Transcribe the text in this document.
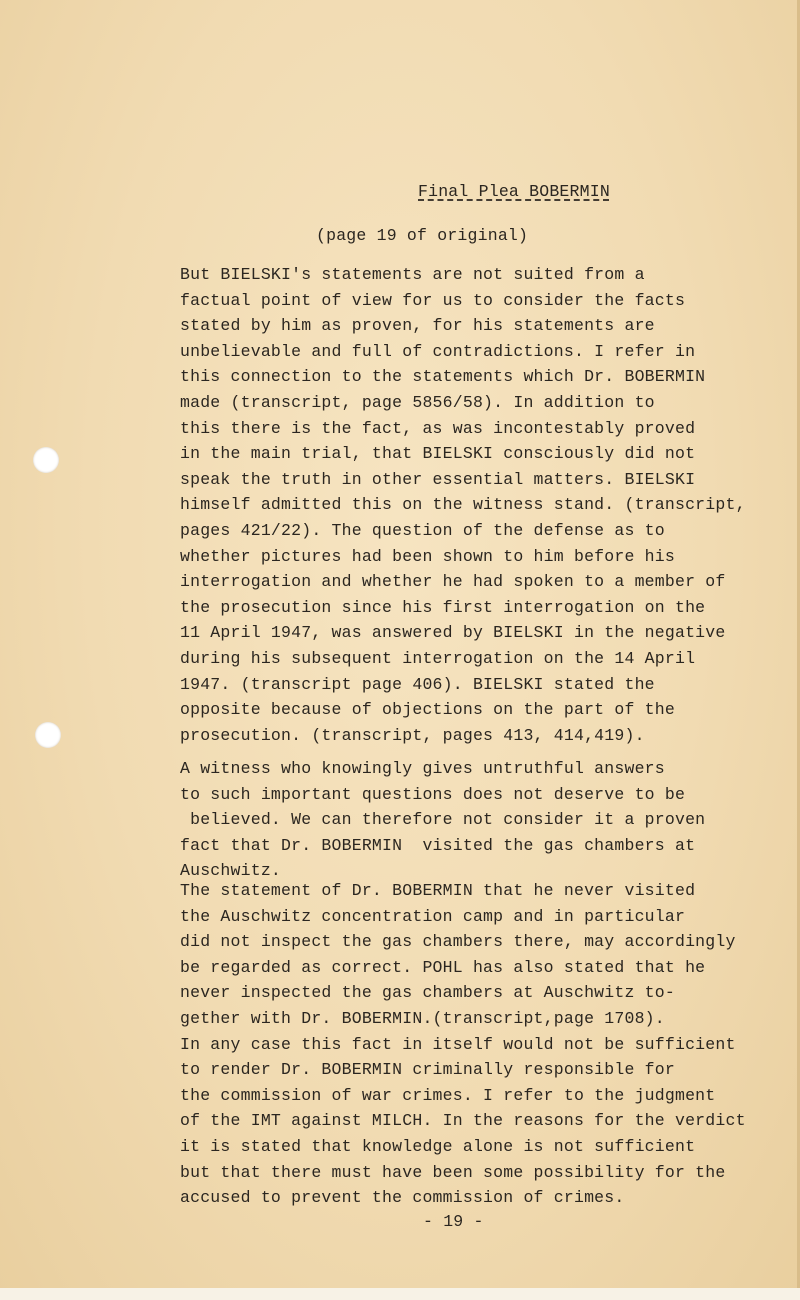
Final Plea BOBERMIN
(page 19 of original)
But BIELSKI's statements are not suited from a
factual point of view for us to consider the facts
stated by him as proven, for his statements are
unbelievable and full of contradictions. I refer in
this connection to the statements which Dr. BOBERMIN
made (transcript, page 5856/58). In addition to
this there is the fact, as was incontestably proved
in the main trial, that BIELSKI consciously did not
speak the truth in other essential matters. BIELSKI
himself admitted this on the witness stand. (transcript,
pages 421/22). The question of the defense as to
whether pictures had been shown to him before his
interrogation and whether he had spoken to a member of
the prosecution since his first interrogation on the
11 April 1947, was answered by BIELSKI in the negative
during his subsequent interrogation on the 14 April
1947. (transcript page 406). BIELSKI stated the
opposite because of objections on the part of the
prosecution. (transcript, pages 413, 414,419).
A witness who knowingly gives untruthful answers
to such important questions does not deserve to be
believed. We can therefore not consider it a proven
fact that Dr. BOBERMIN  visited the gas chambers at
Auschwitz.
The statement of Dr. BOBERMIN that he never visited
the Auschwitz concentration camp and in particular
did not inspect the gas chambers there, may accordingly
be regarded as correct. POHL has also stated that he
never inspected the gas chambers at Auschwitz to-
gether with Dr. BOBERMIN.(transcript,page 1708).
In any case this fact in itself would not be sufficient
to render Dr. BOBERMIN criminally responsible for
the commission of war crimes. I refer to the judgment
of the IMT against MILCH. In the reasons for the verdict
it is stated that knowledge alone is not sufficient
but that there must have been some possibility for the
accused to prevent the commission of crimes.
- 19 -
